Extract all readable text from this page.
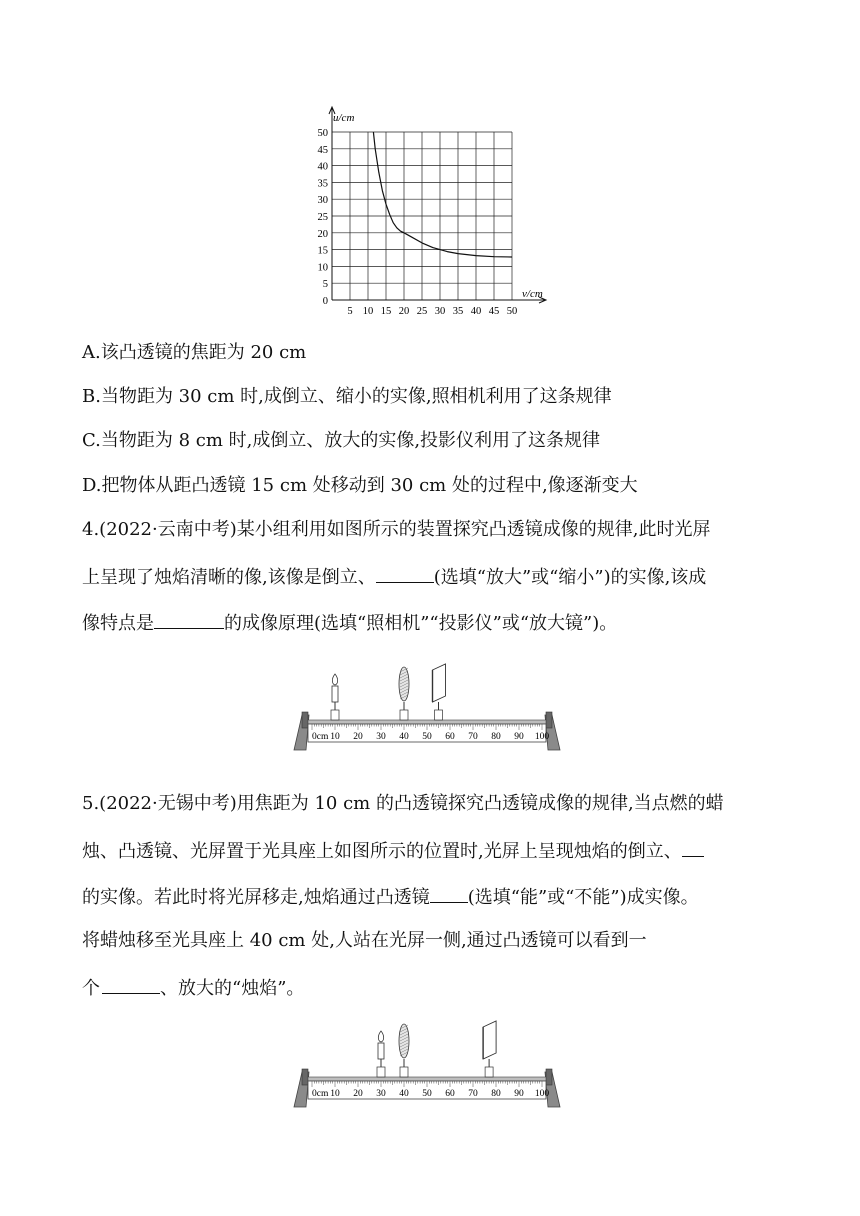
5 10 15 20 25 30 35 40 45 50
0
5
10
15
20
25
30
35
40
45
50
u/cm
v/cm
A.该凸透镜的焦距为 20 cm
B.当物距为 30 cm 时,成倒立、缩小的实像,照相机利用了这条规律
C.当物距为 8 cm 时,成倒立、放大的实像,投影仪利用了这条规律
D.把物体从距凸透镜 15 cm 处移动到 30 cm 处的过程中,像逐渐变大
4.(2022·云南中考)某小组利用如图所示的装置探究凸透镜成像的规律,此时光屏
上呈现了烛焰清晰的像,该像是倒立、	(选填“放大”或“缩小”)的实像,该成
像特点是	的成像原理(选填“照相机”“投影仪”或“放大镜”)。
0cm 10 20 30 40 50 60 70 80 90 100
5.(2022·无锡中考)用焦距为 10 cm 的凸透镜探究凸透镜成像的规律,当点燃的蜡
烛、凸透镜、光屏置于光具座上如图所示的位置时,光屏上呈现烛焰的倒立、
的实像。若此时将光屏移走,烛焰通过凸透镜 (选填“能”或“不能”)成实像。
将蜡烛移至光具座上 40 cm 处,人站在光屏一侧,通过凸透镜可以看到一
个	、放大的“烛焰”。
0cm 10 20 30 40 50 60 70 80 90 100
